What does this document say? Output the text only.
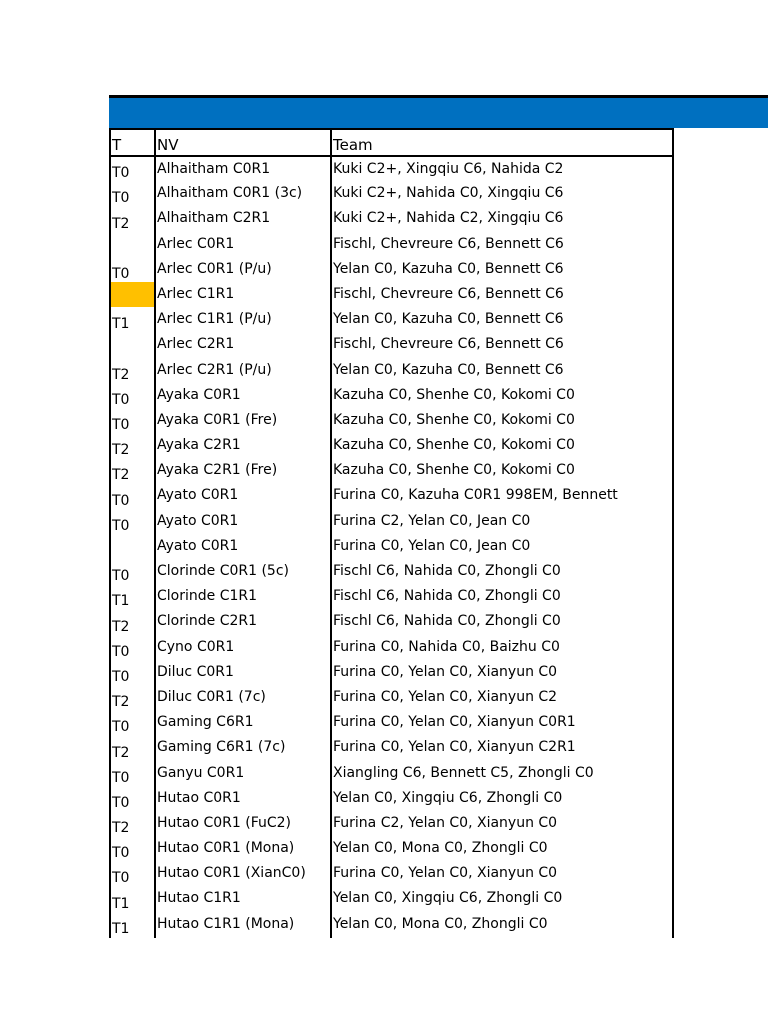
T	NV	Team
T0	Alhaitham C0R1	Kuki C2+, Xingqiu C6, Nahida C2
T0	Alhaitham C0R1 (3c)	Kuki C2+, Nahida C0, Xingqiu C6
T2	Alhaitham C2R1	Kuki C2+, Nahida C2, Xingqiu C6
	Arlec C0R1	Fischl, Chevreure C6, Bennett C6
T0	Arlec C0R1 (P/u)	Yelan C0, Kazuha C0, Bennett C6
	Arlec C1R1	Fischl, Chevreure C6, Bennett C6
T1	Arlec C1R1 (P/u)	Yelan C0, Kazuha C0, Bennett C6
	Arlec C2R1	Fischl, Chevreure C6, Bennett C6
T2	Arlec C2R1 (P/u)	Yelan C0, Kazuha C0, Bennett C6
T0	Ayaka C0R1	Kazuha C0, Shenhe C0, Kokomi C0
T0	Ayaka C0R1 (Fre)	Kazuha C0, Shenhe C0, Kokomi C0
T2	Ayaka C2R1	Kazuha C0, Shenhe C0, Kokomi C0
T2	Ayaka C2R1 (Fre)	Kazuha C0, Shenhe C0, Kokomi C0
T0	Ayato C0R1	Furina C0, Kazuha C0R1 998EM, Bennett
T0	Ayato C0R1	Furina C2, Yelan C0, Jean C0
	Ayato C0R1	Furina C0, Yelan C0, Jean C0
T0	Clorinde C0R1 (5c)	Fischl C6, Nahida C0, Zhongli C0
T1	Clorinde C1R1	Fischl C6, Nahida C0, Zhongli C0
T2	Clorinde C2R1	Fischl C6, Nahida C0, Zhongli C0
T0	Cyno C0R1	Furina C0, Nahida C0, Baizhu C0
T0	Diluc C0R1	Furina C0, Yelan C0, Xianyun C0
T2	Diluc C0R1 (7c)	Furina C0, Yelan C0, Xianyun C2
T0	Gaming C6R1	Furina C0, Yelan C0, Xianyun C0R1
T2	Gaming C6R1 (7c)	Furina C0, Yelan C0, Xianyun C2R1
T0	Ganyu C0R1	Xiangling C6, Bennett C5, Zhongli C0
T0	Hutao C0R1	Yelan C0, Xingqiu C6, Zhongli C0
T2	Hutao C0R1 (FuC2)	Furina C2, Yelan C0, Xianyun C0
T0	Hutao C0R1 (Mona)	Yelan C0, Mona C0, Zhongli C0
T0	Hutao C0R1 (XianC0)	Furina C0, Yelan C0, Xianyun C0
T1	Hutao C1R1	Yelan C0, Xingqiu C6, Zhongli C0
T1	Hutao C1R1 (Mona)	Yelan C0, Mona C0, Zhongli C0
